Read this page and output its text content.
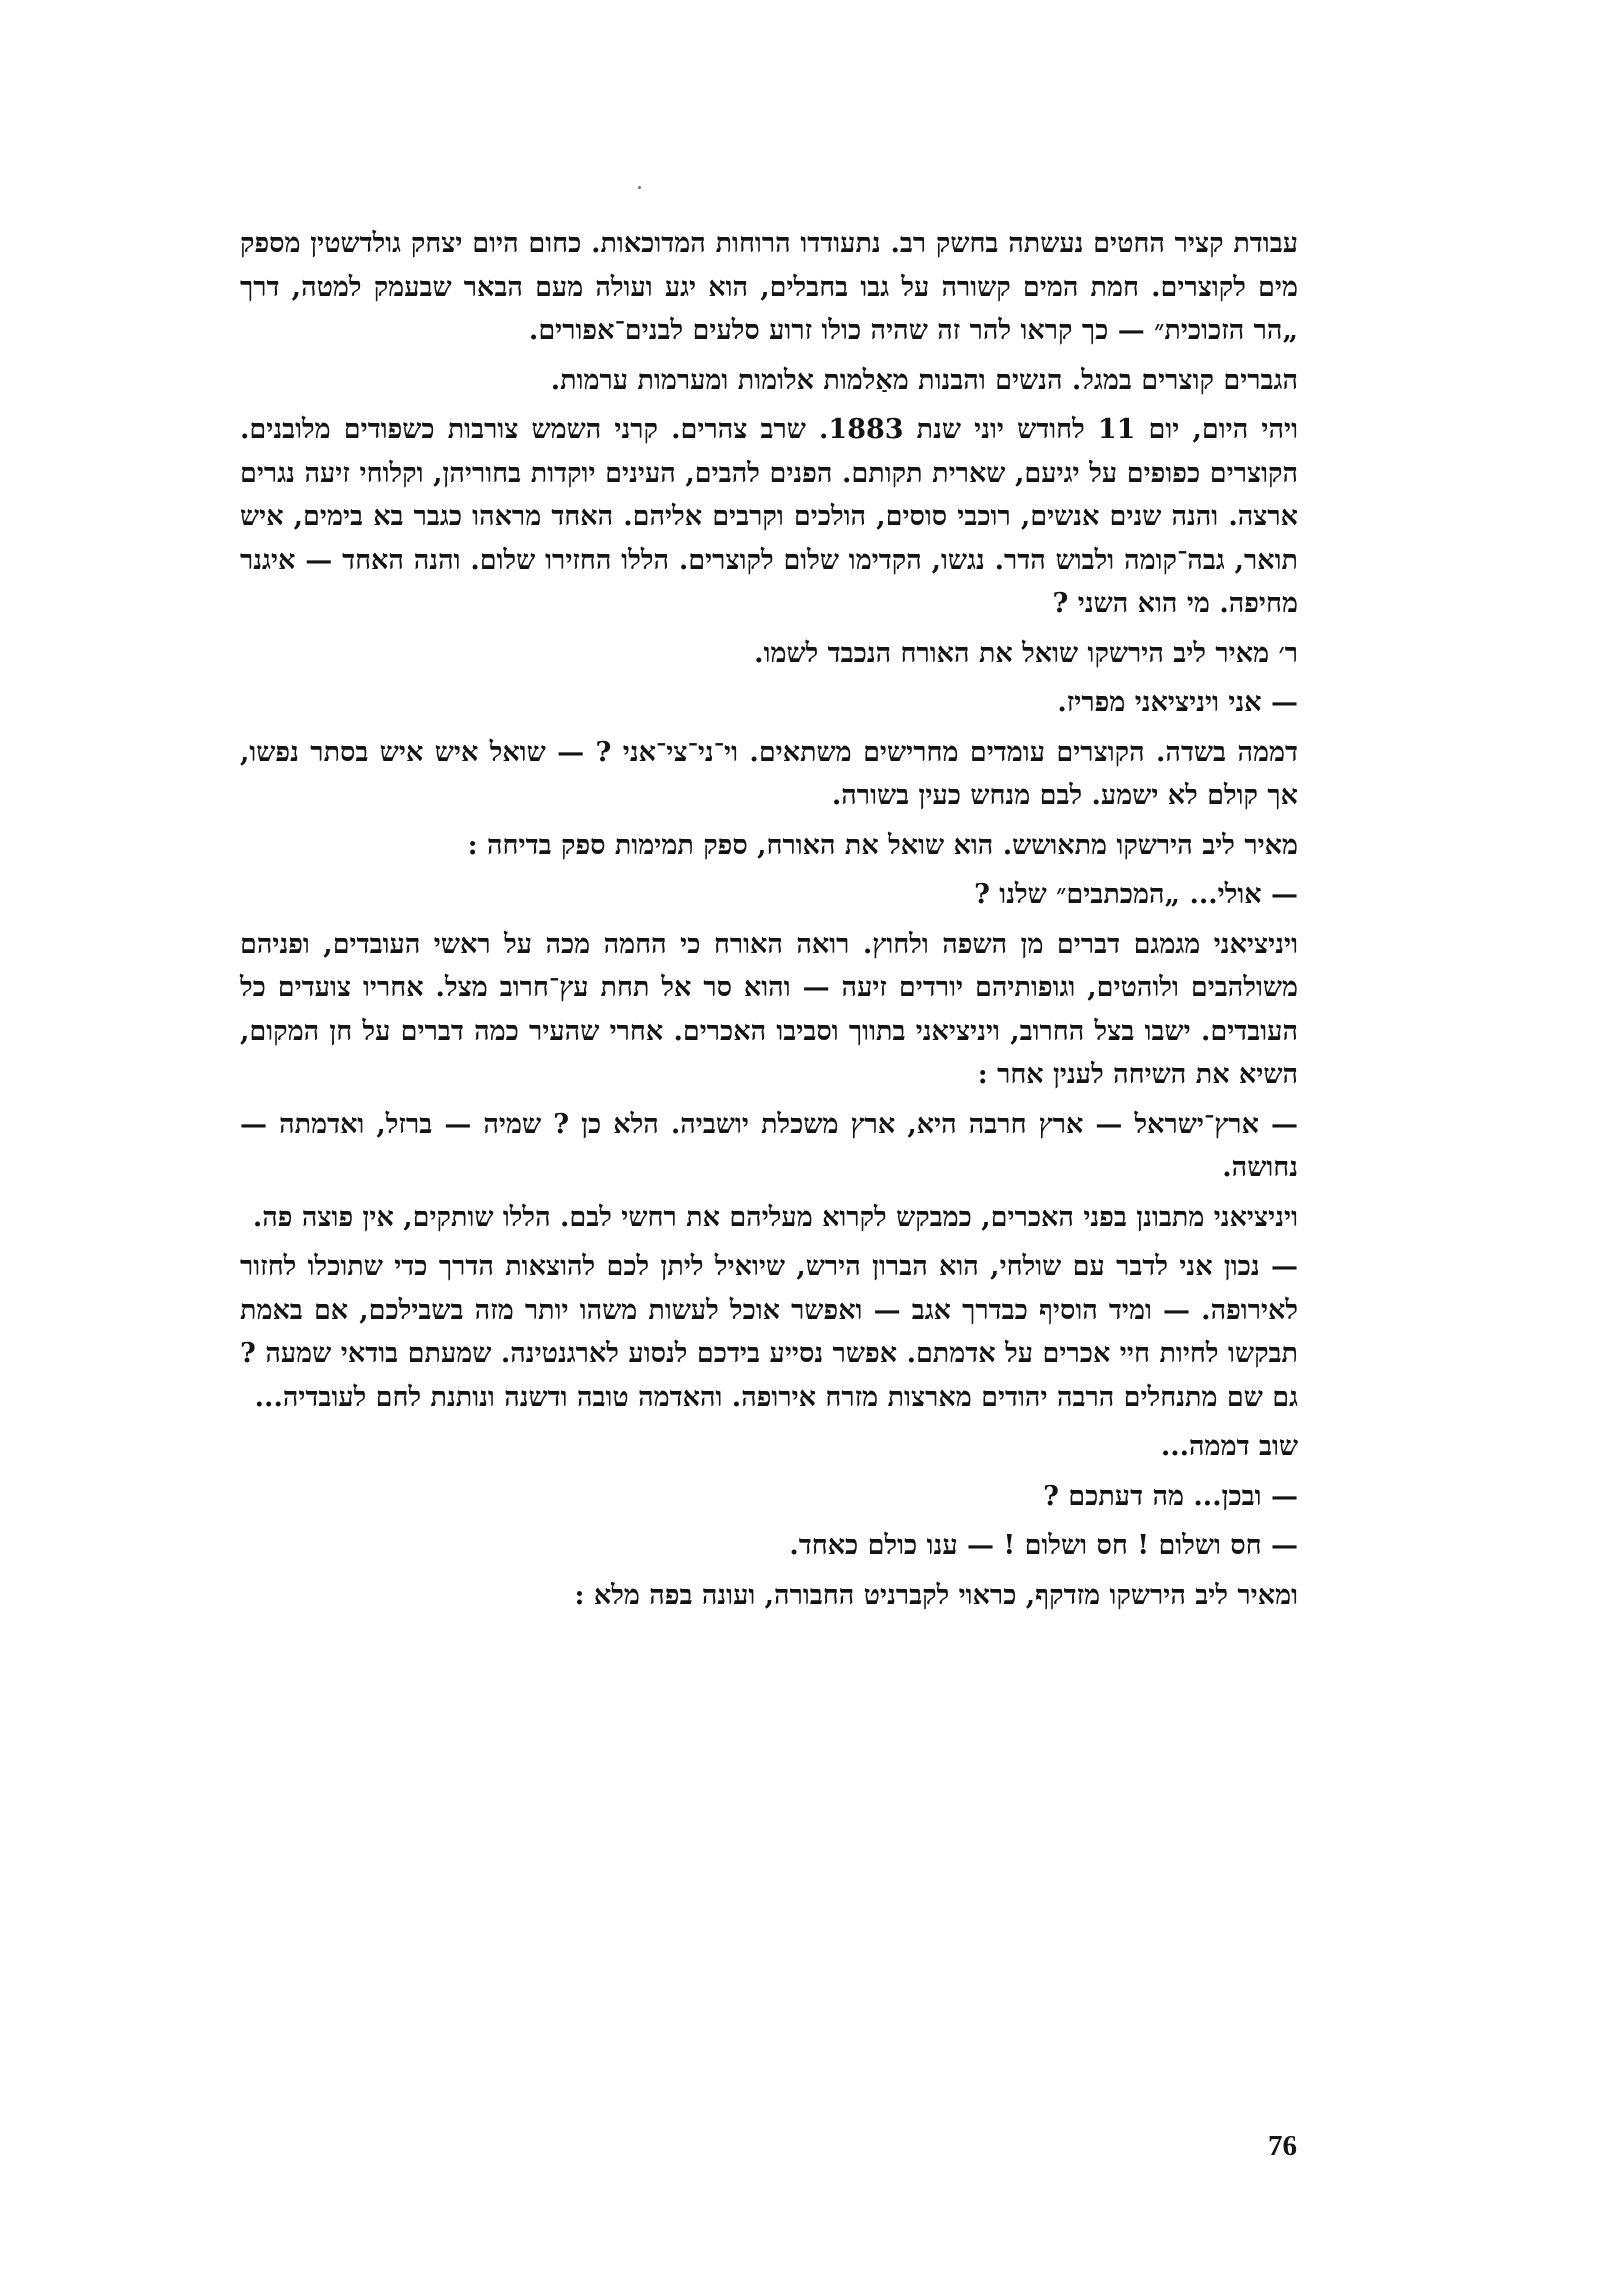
עבודת קציר החטים נעשתה בחשק רב. נתעודדו הרוחות המדוכאות. כחום היום יצחק גולדשטין מספק מים לקוצרים. חמת המים קשורה על גבו בחבלים, הוא יגע ועולה מעם הבאר שבעמק למטה, דרך „הר הזכוכית״ — כך קראו להר זה שהיה כולו זרוע סלעים לבנים־אפורים.

הגברים קוצרים במגל. הנשים והבנות מאַלמות אלומות ומערמות ערמות.

ויהי היום, יום 11 לחודש יוני שנת 1883. שרב צהרים. קרני השמש צורבות כשפודים מלובנים. הקוצרים כפופים על יגיעם, שארית תקותם. הפנים להבים, העינים יוקדות בחוריהן, וקלוחי זיעה נגרים ארצה. והנה שנים אנשים, רוכבי סוסים, הולכים וקרבים אליהם. האחד מראהו כגבר בא בימים, איש תואר, גבה־קומה ולבוש הדר. נגשו, הקדימו שלום לקוצרים. הללו החזירו שלום. והנה האחד — איגנר מחיפה. מי הוא השני ?

ר׳ מאיר ליב הירשקו שואל את האורח הנכבד לשמו.

— אני ויניציאני מפריז.

דממה בשדה. הקוצרים עומדים מחרישים משתאים. וי־ני־צי־אני ? — שואל איש איש בסתר נפשו, אך קולם לא ישמע. לבם מנחש כעין בשורה.

מאיר ליב הירשקו מתאושש. הוא שואל את האורח, ספק תמימות ספק בדיחה :

— אולי... „המכתבים״ שלנו ?

ויניציאני מגמגם דברים מן השפה ולחוץ. רואה האורח כי החמה מכה על ראשי העובדים, ופניהם משולהבים ולוהטים, וגופותיהם יורדים זיעה — והוא סר אל תחת עץ־חרוב מצל. אחריו צועדים כל העובדים. ישבו בצל החרוב, ויניציאני בתווך וסביבו האכרים. אחרי שהעיר כמה דברים על חן המקום, השיא את השיחה לענין אחר :

— ארץ־ישראל — ארץ חרבה היא, ארץ משכלת יושביה. הלא כן ? שמיה — ברזל, ואדמתה — נחושה.

ויניציאני מתבונן בפני האכרים, כמבקש לקרוא מעליהם את רחשי לבם. הללו שותקים, אין פוצה פה.

— נכון אני לדבר עם שולחי, הוא הברון הירש, שיואיל ליתן לכם להוצאות הדרך כדי שתוכלו לחזור לאירופה. — ומיד הוסיף כבדרך אגב — ואפשר אוכל לעשות משהו יותר מזה בשבילכם, אם באמת תבקשו לחיות חיי אכרים על אדמתם. אפשר נסייע בידכם לנסוע לארגנטינה. שמעתם בודאי שמעה ? גם שם מתנחלים הרבה יהודים מארצות מזרח אירופה. והאדמה טובה ודשנה ונותנת לחם לעובדיה...

שוב דממה...

— ובכן... מה דעתכם ?

— חס ושלום ! חס ושלום ! — ענו כולם כאחד.

ומאיר ליב הירשקו מזדקף, כראוי לקברניט החבורה, ועונה בפה מלא :

76
